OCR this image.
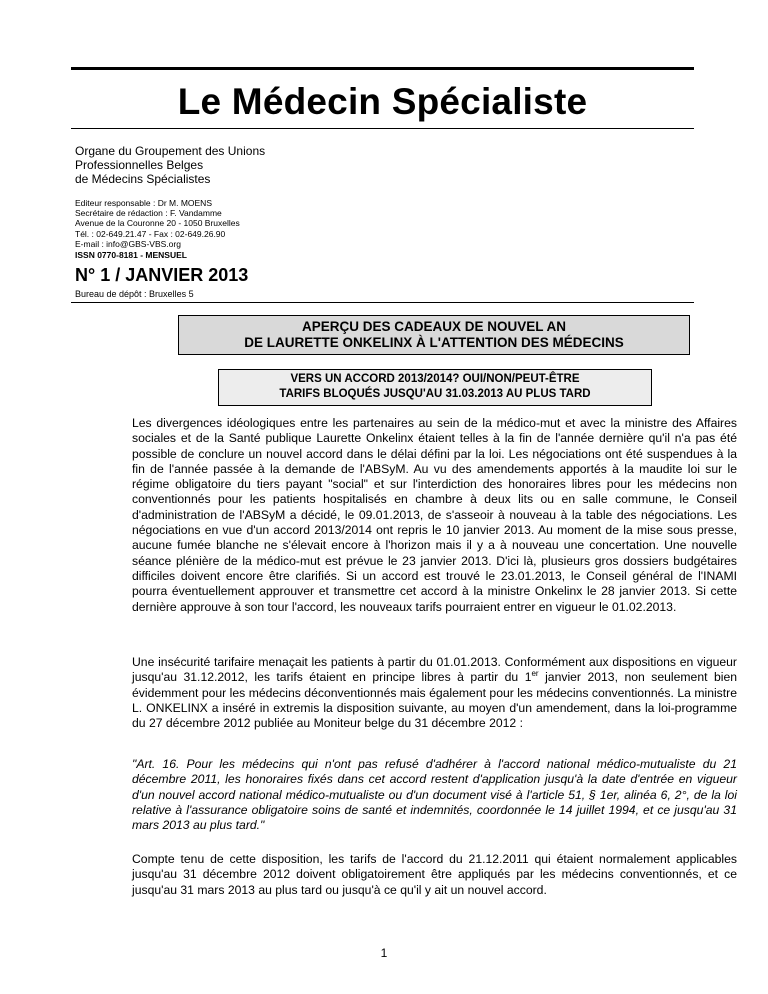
Le Médecin Spécialiste
Organe du Groupement des Unions
Professionnelles Belges
de Médecins Spécialistes
Editeur responsable : Dr M. MOENS
Secrétaire de rédaction : F. Vandamme
Avenue de la Couronne 20 - 1050 Bruxelles
Tél. : 02-649.21.47 - Fax : 02-649.26.90
E-mail : info@GBS-VBS.org
ISSN 0770-8181 - MENSUEL
N° 1 / JANVIER 2013
Bureau de dépôt : Bruxelles 5
APERÇU DES CADEAUX DE NOUVEL AN
DE LAURETTE ONKELINX À L'ATTENTION DES MÉDECINS
VERS UN ACCORD 2013/2014? OUI/NON/PEUT-ÊTRE
TARIFS BLOQUÉS JUSQU'AU 31.03.2013 AU PLUS TARD

Les divergences idéologiques entre les partenaires au sein de la médico-mut et avec la ministre des Affaires sociales et de la Santé publique Laurette Onkelinx étaient telles à la fin de l'année dernière qu'il n'a pas été possible de conclure un nouvel accord dans le délai défini par la loi. Les négociations ont été suspendues à la fin de l'année passée à la demande de l'ABSyM. Au vu des amendements apportés à la maudite loi sur le régime obligatoire du tiers payant "social" et sur l'interdiction des honoraires libres pour les médecins non conventionnés pour les patients hospitalisés en chambre à deux lits ou en salle commune, le Conseil d'administration de l'ABSyM a décidé, le 09.01.2013, de s'asseoir à nouveau à la table des négociations. Les négociations en vue d'un accord 2013/2014 ont repris le 10 janvier 2013. Au moment de la mise sous presse, aucune fumée blanche ne s'élevait encore à l'horizon mais il y a à nouveau une concertation. Une nouvelle séance plénière de la médico-mut est prévue le 23 janvier 2013. D'ici là, plusieurs gros dossiers budgétaires difficiles doivent encore être clarifiés. Si un accord est trouvé le 23.01.2013, le Conseil général de l'INAMI pourra éventuellement approuver et transmettre cet accord à la ministre Onkelinx le 28 janvier 2013. Si cette dernière approuve à son tour l'accord, les nouveaux tarifs pourraient entrer en vigueur le 01.02.2013.

Une insécurité tarifaire menaçait les patients à partir du 01.01.2013. Conformément aux dispositions en vigueur jusqu'au 31.12.2012, les tarifs étaient en principe libres à partir du 1er janvier 2013, non seulement bien évidemment pour les médecins déconventionnés mais également pour les médecins conventionnés. La ministre L. ONKELINX a inséré in extremis la disposition suivante, au moyen d'un amendement, dans la loi-programme du 27 décembre 2012 publiée au Moniteur belge du 31 décembre 2012 :

"Art. 16. Pour les médecins qui n'ont pas refusé d'adhérer à l'accord national médico-mutualiste du 21 décembre 2011, les honoraires fixés dans cet accord restent d'application jusqu'à la date d'entrée en vigueur d'un nouvel accord national médico-mutualiste ou d'un document visé à l'article 51, § 1er, alinéa 6, 2°, de la loi relative à l'assurance obligatoire soins de santé et indemnités, coordonnée le 14 juillet 1994, et ce jusqu'au 31 mars 2013 au plus tard."

Compte tenu de cette disposition, les tarifs de l'accord du 21.12.2011 qui étaient normalement applicables jusqu'au 31 décembre 2012 doivent obligatoirement être appliqués par les médecins conventionnés, et ce jusqu'au 31 mars 2013 au plus tard ou jusqu'à ce qu'il y ait un nouvel accord.

1
